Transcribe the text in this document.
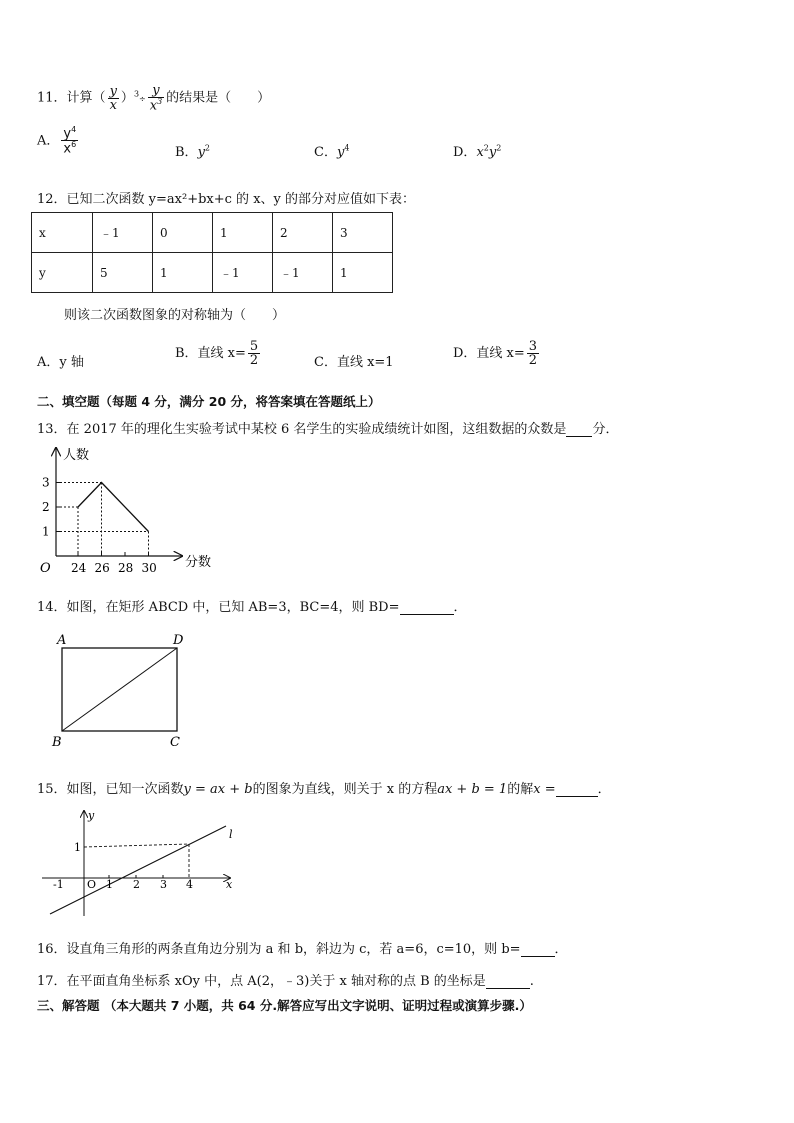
11．计算（ $\frac{y}{x} )^3\div \frac{y}{x^3}$ 的结果是（　　）
A． $\frac{y^4}{x^6}$	B．$y^2$	C．$y^4$	D．$x^2y^2$
12．已知二次函数 y=ax²+bx+c 的 x、y 的部分对应值如下表：
x	﹣1	0	1	2	3
y	5	1	﹣1	﹣1	1
则该二次函数图象的对称轴为（　　）
A．y 轴
B．直线 $x= \frac{5}{2}$	C．直线 x=1
D．直线 $x= \frac{3}{2}$
二、填空题（每题 4 分，满分 20 分，将答案填在答题纸上）
13．在 2017 年的理化生实验考试中某校 6 名学生的实验成绩统计如图，这组数据的众数是 分．
1
2
3
24 26 28 30
O	分数
人数
14．如图，在矩形 ABCD 中，已知 AB=3，BC=4，则 BD=	．
A	D
B	C
15．如图，已知一次函数y = ax + b的图象为直线，则关于 x 的方程ax + b = 1的解x =	．
y
x
l
O
1
-1	1 2 3 4
16．设直角三角形的两条直角边分别为 a 和 b，斜边为 c，若 a=6，c=10，则 b=	．
17．在平面直角坐标系 xOy 中，点 A(2，﹣3)关于 x 轴对称的点 B 的坐标是	.
三、解答题 （本大题共 7 小题，共 64 分.解答应写出文字说明、证明过程或演算步骤.）
